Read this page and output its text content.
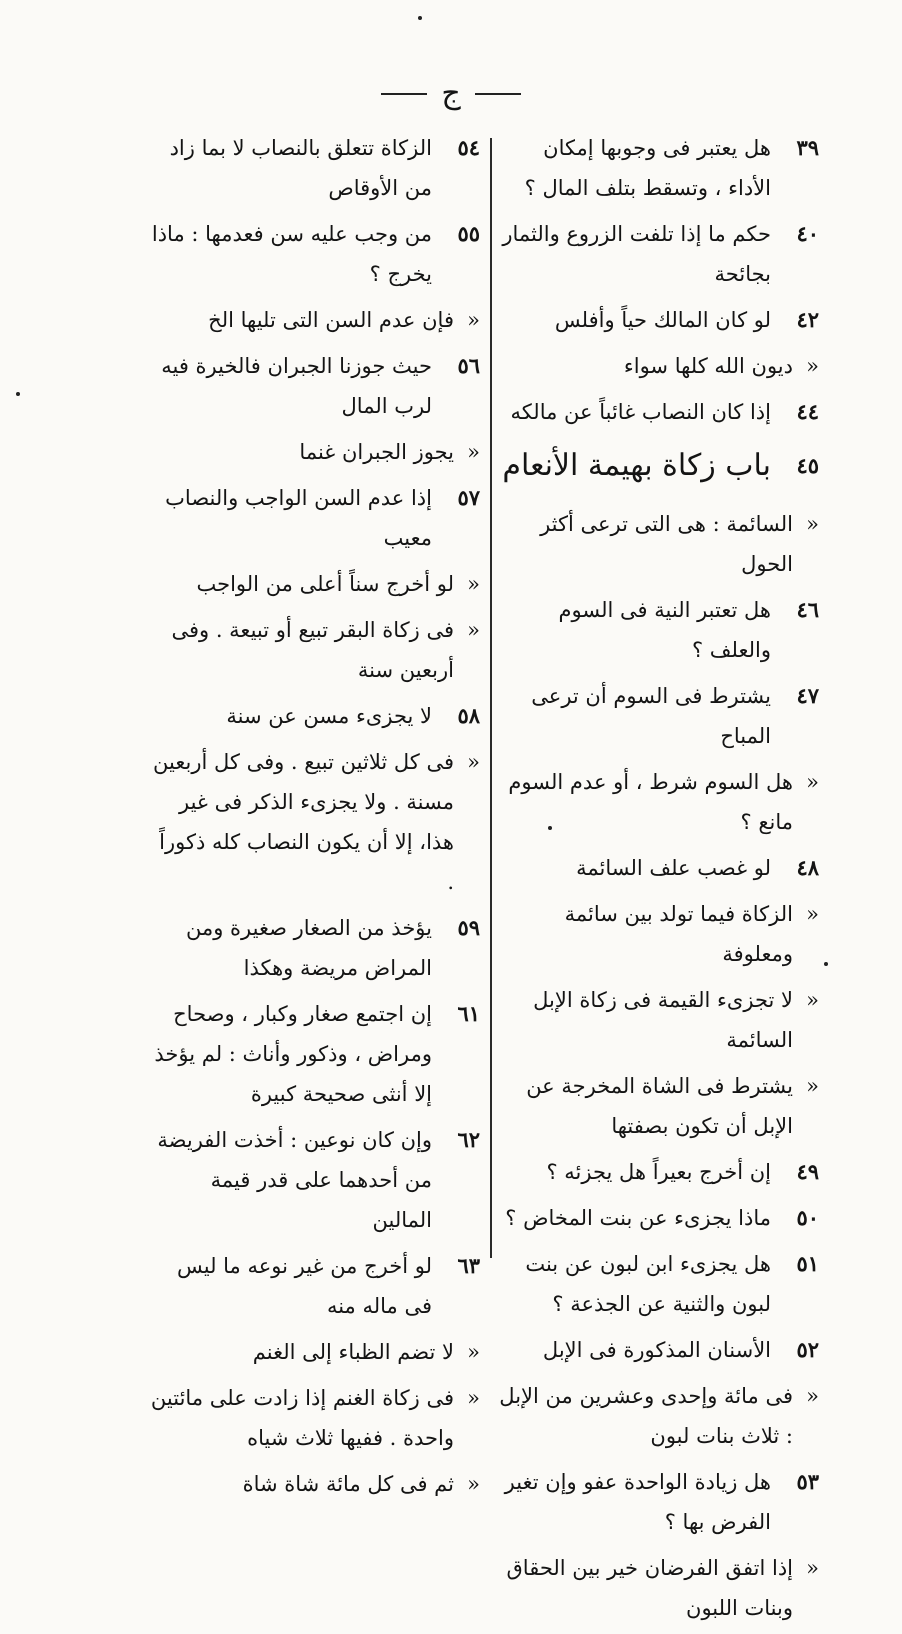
ج
٣٩
هل يعتبر فى وجوبها إمكان الأداء ، وتسقط بتلف المال ؟
٤٠
حكم ما إذا تلفت الزروع والثمار بجائحة
٤٢
لو كان المالك حياً وأفلس
«
ديون الله كلها سواء
٤٤
إذا كان النصاب غائباً عن مالكه
٤٥
باب زكاة بهيمة الأنعام
«
السائمة : هى التى ترعى أكثر الحول
٤٦
هل تعتبر النية فى السوم والعلف ؟
٤٧
يشترط فى السوم أن ترعى المباح
«
هل السوم شرط ، أو عدم السوم مانع ؟
٤٨
لو غصب علف السائمة
«
الزكاة فيما تولد بين سائمة ومعلوفة
«
لا تجزىء القيمة فى زكاة الإبل السائمة
«
يشترط فى الشاة المخرجة عن الإبل أن تكون بصفتها
٤٩
إن أخرج بعيراً هل يجزئه ؟
٥٠
ماذا يجزىء عن بنت المخاض ؟
٥١
هل يجزىء ابن لبون عن بنت لبون والثنية عن الجذعة ؟
٥٢
الأسنان المذكورة فى الإبل
«
فى مائة وإحدى وعشرين من الإبل : ثلاث بنات لبون
٥٣
هل زيادة الواحدة عفو وإن تغير الفرض بها ؟
«
إذا اتفق الفرضان خير بين الحقاق وبنات اللبون
٥٤
الزكاة تتعلق بالنصاب لا بما زاد من الأوقاص
٥٥
من وجب عليه سن فعدمها : ماذا يخرج ؟
«
فإن عدم السن التى تليها الخ
٥٦
حيث جوزنا الجبران فالخيرة فيه لرب المال
«
يجوز الجبران غنما
٥٧
إذا عدم السن الواجب والنصاب معيب
«
لو أخرج سناً أعلى من الواجب
«
فى زكاة البقر تبيع أو تبيعة . وفى أربعين سنة
٥٨
لا يجزىء مسن عن سنة
«
فى كل ثلاثين تبيع . وفى كل أربعين مسنة . ولا يجزىء الذكر فى غير هذا، إلا أن يكون النصاب كله ذكوراً .
٥٩
يؤخذ من الصغار صغيرة ومن المراض مريضة وهكذا
٦١
إن اجتمع صغار وكبار ، وصحاح ومراض ، وذكور وأناث : لم يؤخذ إلا أنثى صحيحة كبيرة
٦٢
وإن كان نوعين : أخذت الفريضة من أحدهما على قدر قيمة المالين
٦٣
لو أخرج من غير نوعه ما ليس فى ماله منه
«
لا تضم الظباء إلى الغنم
«
فى زكاة الغنم إذا زادت على مائتين واحدة . ففيها ثلاث شياه
«
ثم فى كل مائة شاة شاة
